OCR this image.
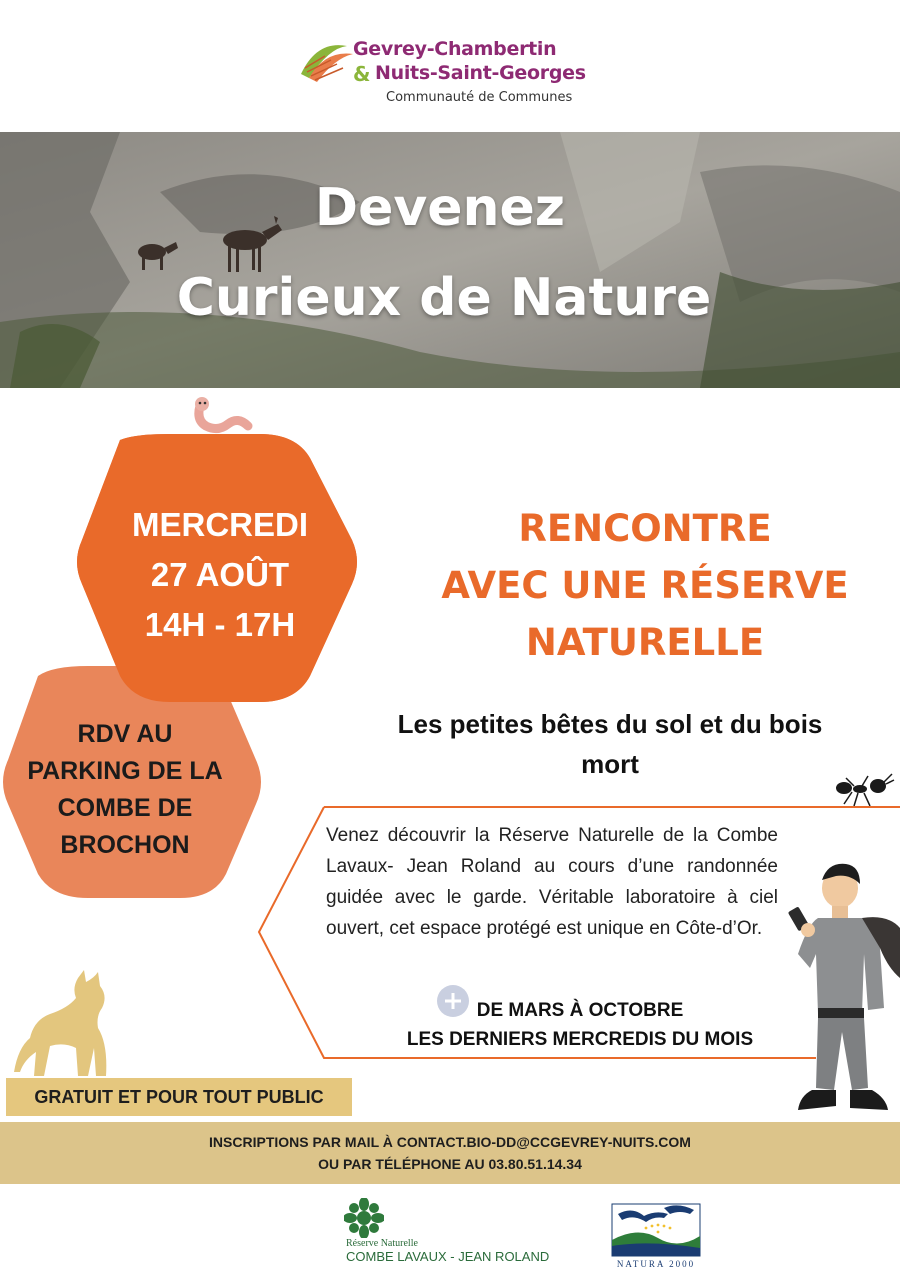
Gevrey-Chambertin
& Nuits-Saint-Georges
Communauté de Communes
Devenez
Curieux de Nature
MERCREDI
27 AOÛT
14H - 17H
RDV AU
PARKING DE LA
COMBE DE
BROCHON
RENCONTRE
AVEC UNE RÉSERVE
NATURELLE
Les petites bêtes du sol et du bois
mort
Venez découvrir la Réserve Naturelle de la Combe Lavaux- Jean Roland au cours d’une randonnée guidée avec le garde. Véritable laboratoire à ciel ouvert, cet espace protégé est unique en Côte-d’Or.
DE MARS À OCTOBRE
LES DERNIERS MERCREDIS DU MOIS
GRATUIT ET POUR TOUT PUBLIC
INSCRIPTIONS PAR MAIL À CONTACT.BIO-DD@CCGEVREY-NUITS.COM
OU PAR TÉLÉPHONE AU 03.80.51.14.34
Réserve Naturelle
COMBE LAVAUX - JEAN ROLAND	NATURA 2000
